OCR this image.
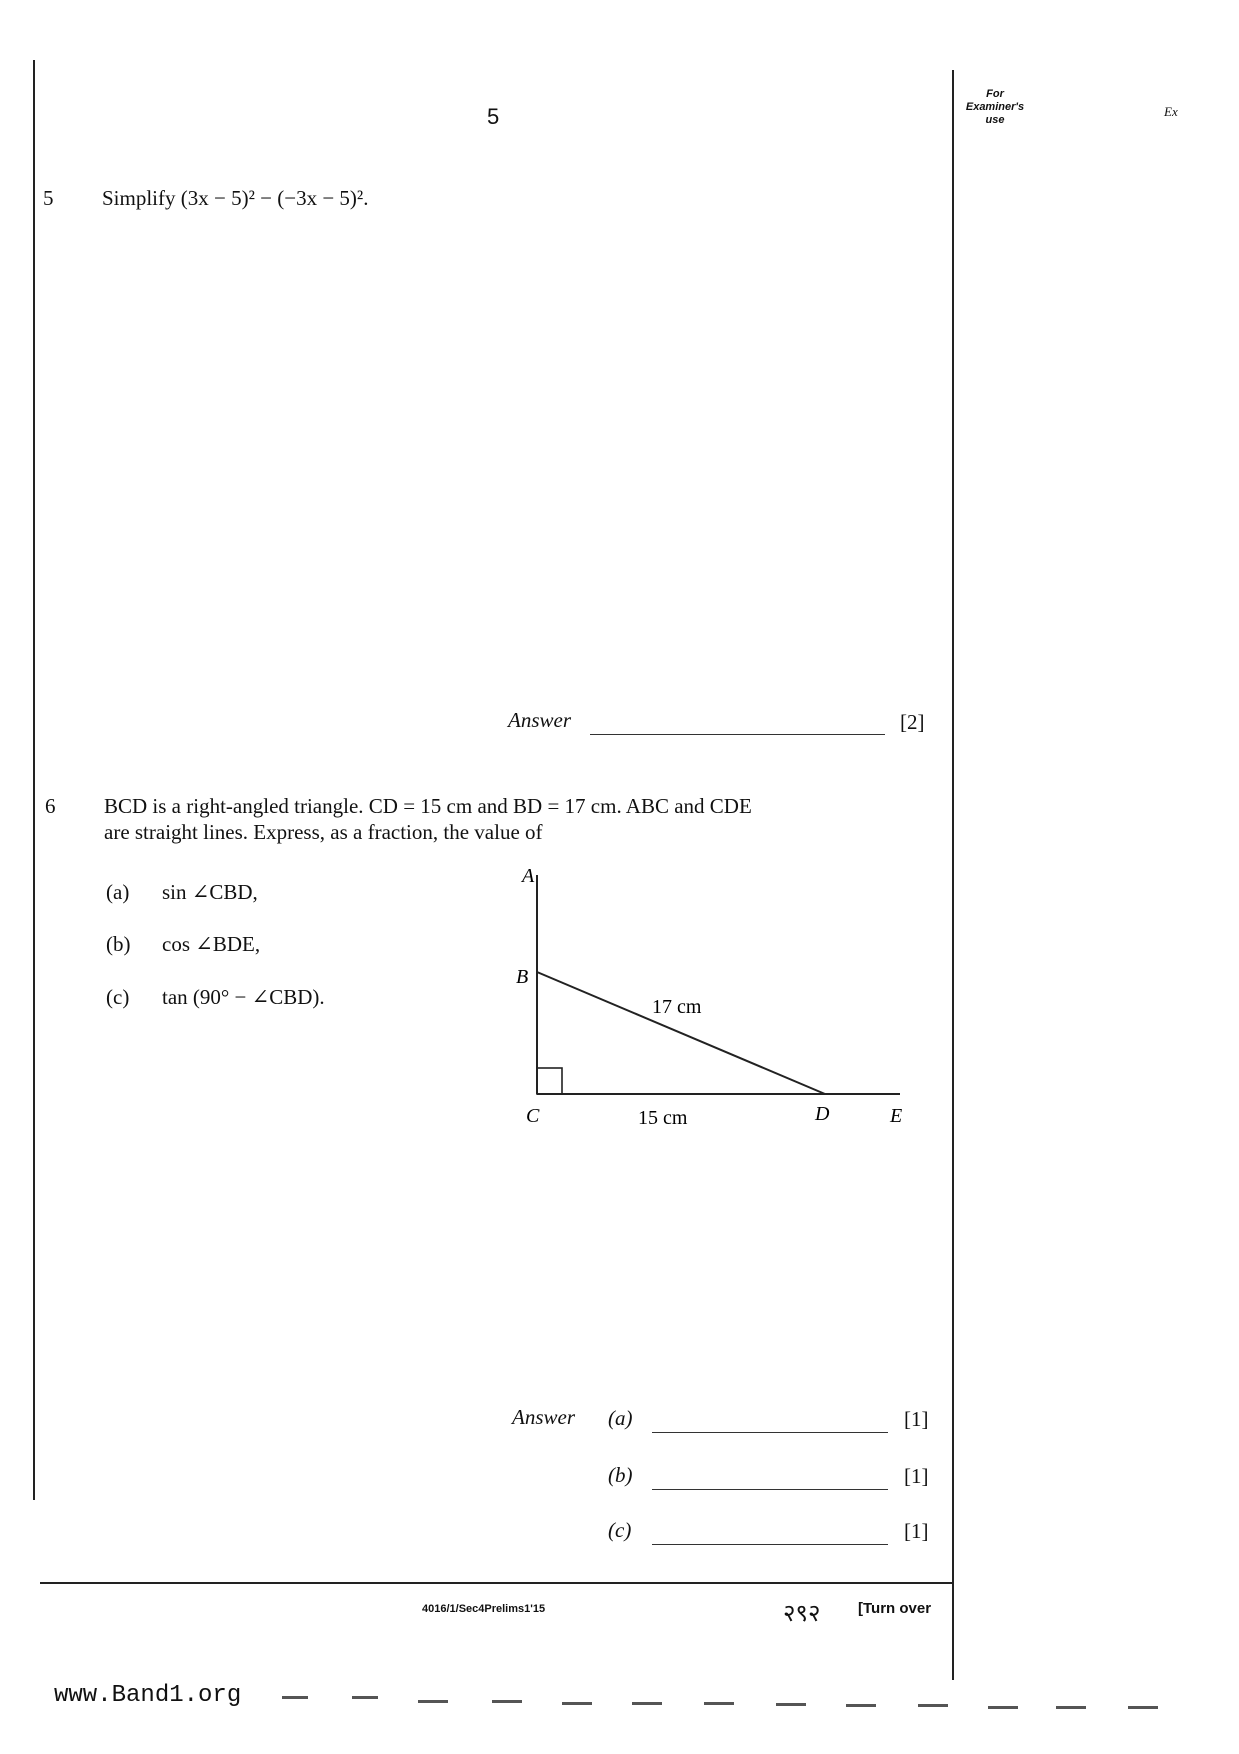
5
For
Examiner's
use
Ex
5 Simplify (3x − 5)² − (−3x − 5)².
Answer	[2]
6 BCD is a right-angled triangle. CD = 15 cm and BD = 17 cm. ABC and CDE
are straight lines. Express, as a fraction, the value of
(a) sin ∠CBD,
(b) cos ∠BDE,
(c) tan (90° − ∠CBD).
A
B
C	D	E
17 cm
15 cm
Answer (a)	[1]
(b)	[1]
(c)	[1]
4016/1/Sec4Prelims1'15	२९२	[Turn over
www.Band1.org
